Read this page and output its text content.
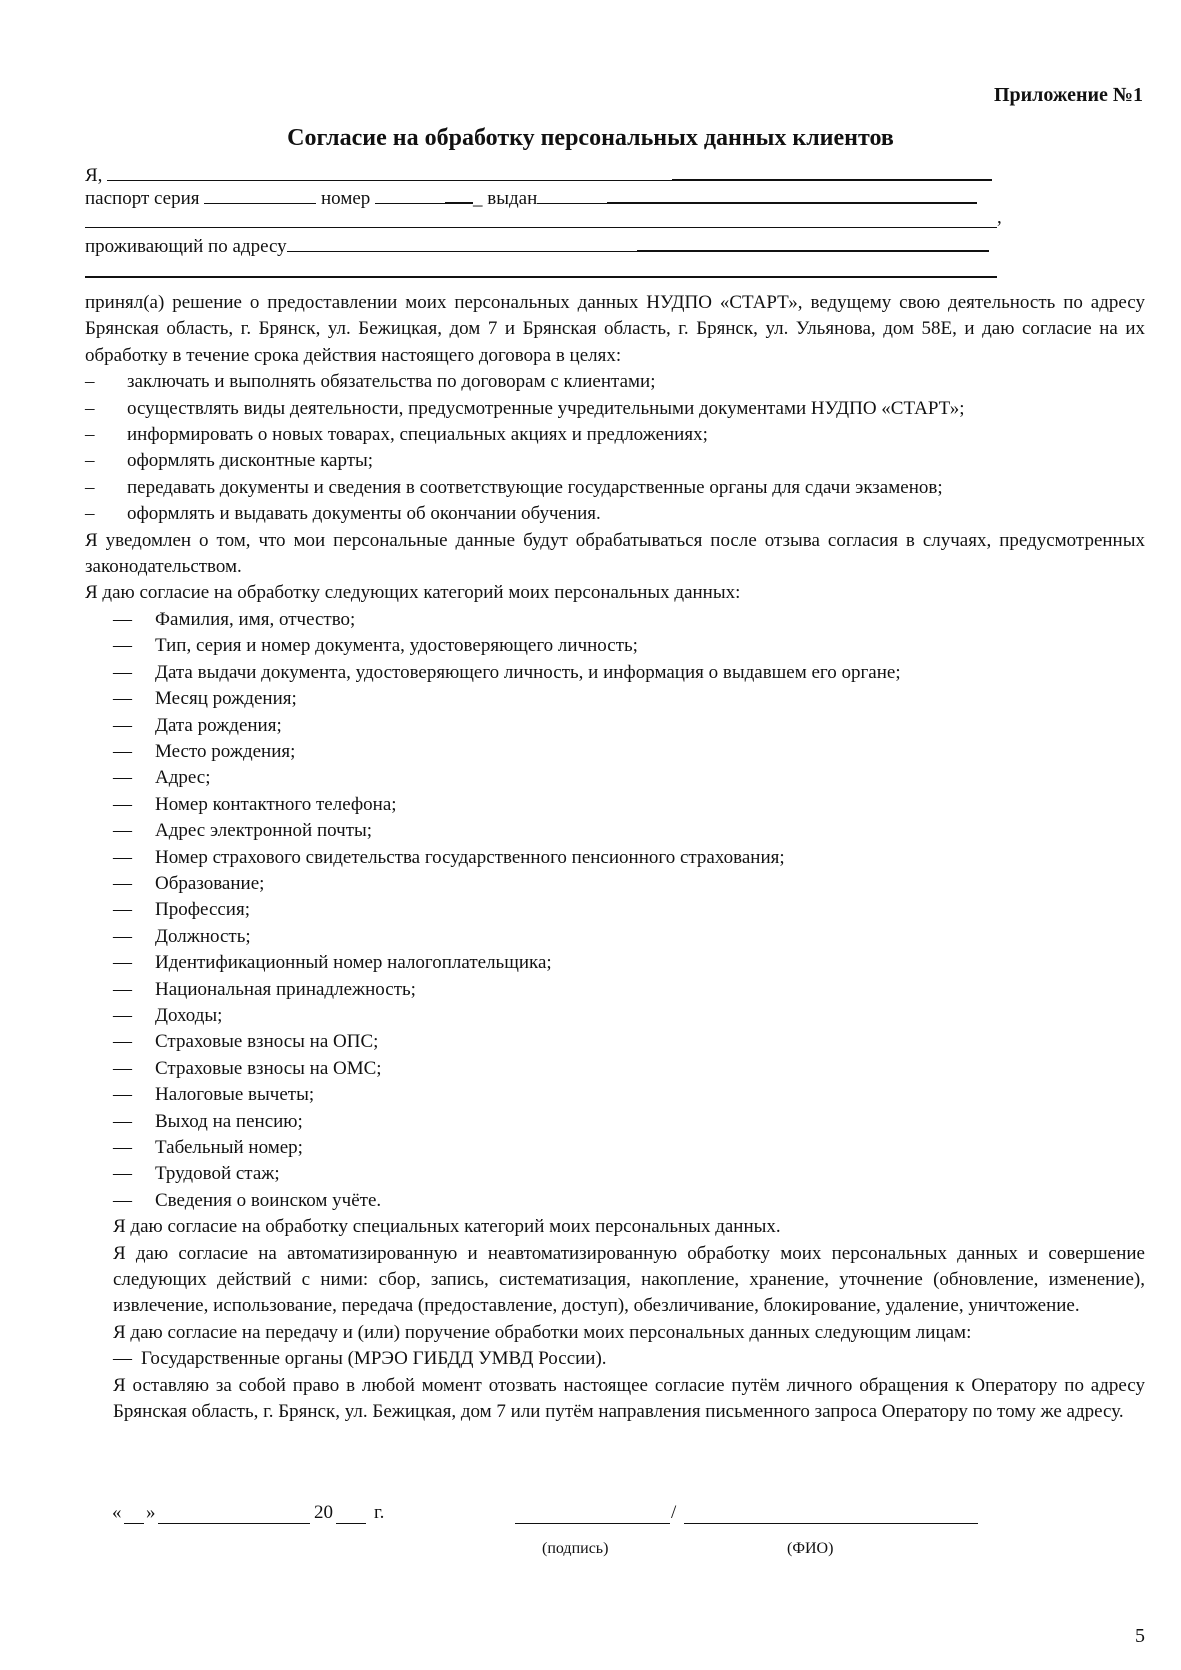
Приложение №1
Согласие на обработку персональных данных клиентов
Я,
паспорт серия	номер	_ выдан
,
проживающий по адресу

принял(а) решение о предоставлении моих персональных данных НУДПО «СТАРТ», ведущему свою деятельность по адресу Брянская область, г. Брянск, ул. Бежицкая, дом 7 и Брянская область, г. Брянск, ул. Ульянова, дом 58Е, и даю согласие на их обработку в течение срока действия настоящего договора в целях:

– заключать и выполнять обязательства по договорам с клиентами;
– осуществлять виды деятельности, предусмотренные учредительными документами НУДПО «СТАРТ»;
– информировать о новых товарах, специальных акциях и предложениях;
– оформлять дисконтные карты;
– передавать документы и сведения в соответствующие государственные органы для сдачи экзаменов;
– оформлять и выдавать документы об окончании обучения.

Я уведомлен о том, что мои персональные данные будут обрабатываться после отзыва согласия в случаях, предусмотренных законодательством.

Я даю согласие на обработку следующих категорий моих персональных данных:

— Фамилия, имя, отчество;
— Тип, серия и номер документа, удостоверяющего личность;
— Дата выдачи документа, удостоверяющего личность, и информация о выдавшем его органе;
— Месяц рождения;
— Дата рождения;
— Место рождения;
— Адрес;
— Номер контактного телефона;
— Адрес электронной почты;
— Номер страхового свидетельства государственного пенсионного страхования;
— Образование;
— Профессия;
— Должность;
— Идентификационный номер налогоплательщика;
— Национальная принадлежность;
— Доходы;
— Страховые взносы на ОПС;
— Страховые взносы на ОМС;
— Налоговые вычеты;
— Выход на пенсию;
— Табельный номер;
— Трудовой стаж;
— Сведения о воинском учёте.

Я даю согласие на обработку специальных категорий моих персональных данных.

Я даю согласие на автоматизированную и неавтоматизированную обработку моих персональных данных и совершение следующих действий с ними: сбор, запись, систематизация, накопление, хранение, уточнение (обновление, изменение), извлечение, использование, передача (предоставление, доступ), обезличивание, блокирование, удаление, уничтожение.

Я даю согласие на передачу и (или) поручение обработки моих персональных данных следующим лицам:

— Государственные органы (МРЭО ГИБДД УМВД России).

Я оставляю за собой право в любой момент отозвать настоящее согласие путём личного обращения к Оператору по адресу Брянская область, г. Брянск, ул. Бежицкая, дом 7 или путём направления письменного запроса Оператору по тому же адресу.

« »	20 г.	/
(подпись)	(ФИО)
5
